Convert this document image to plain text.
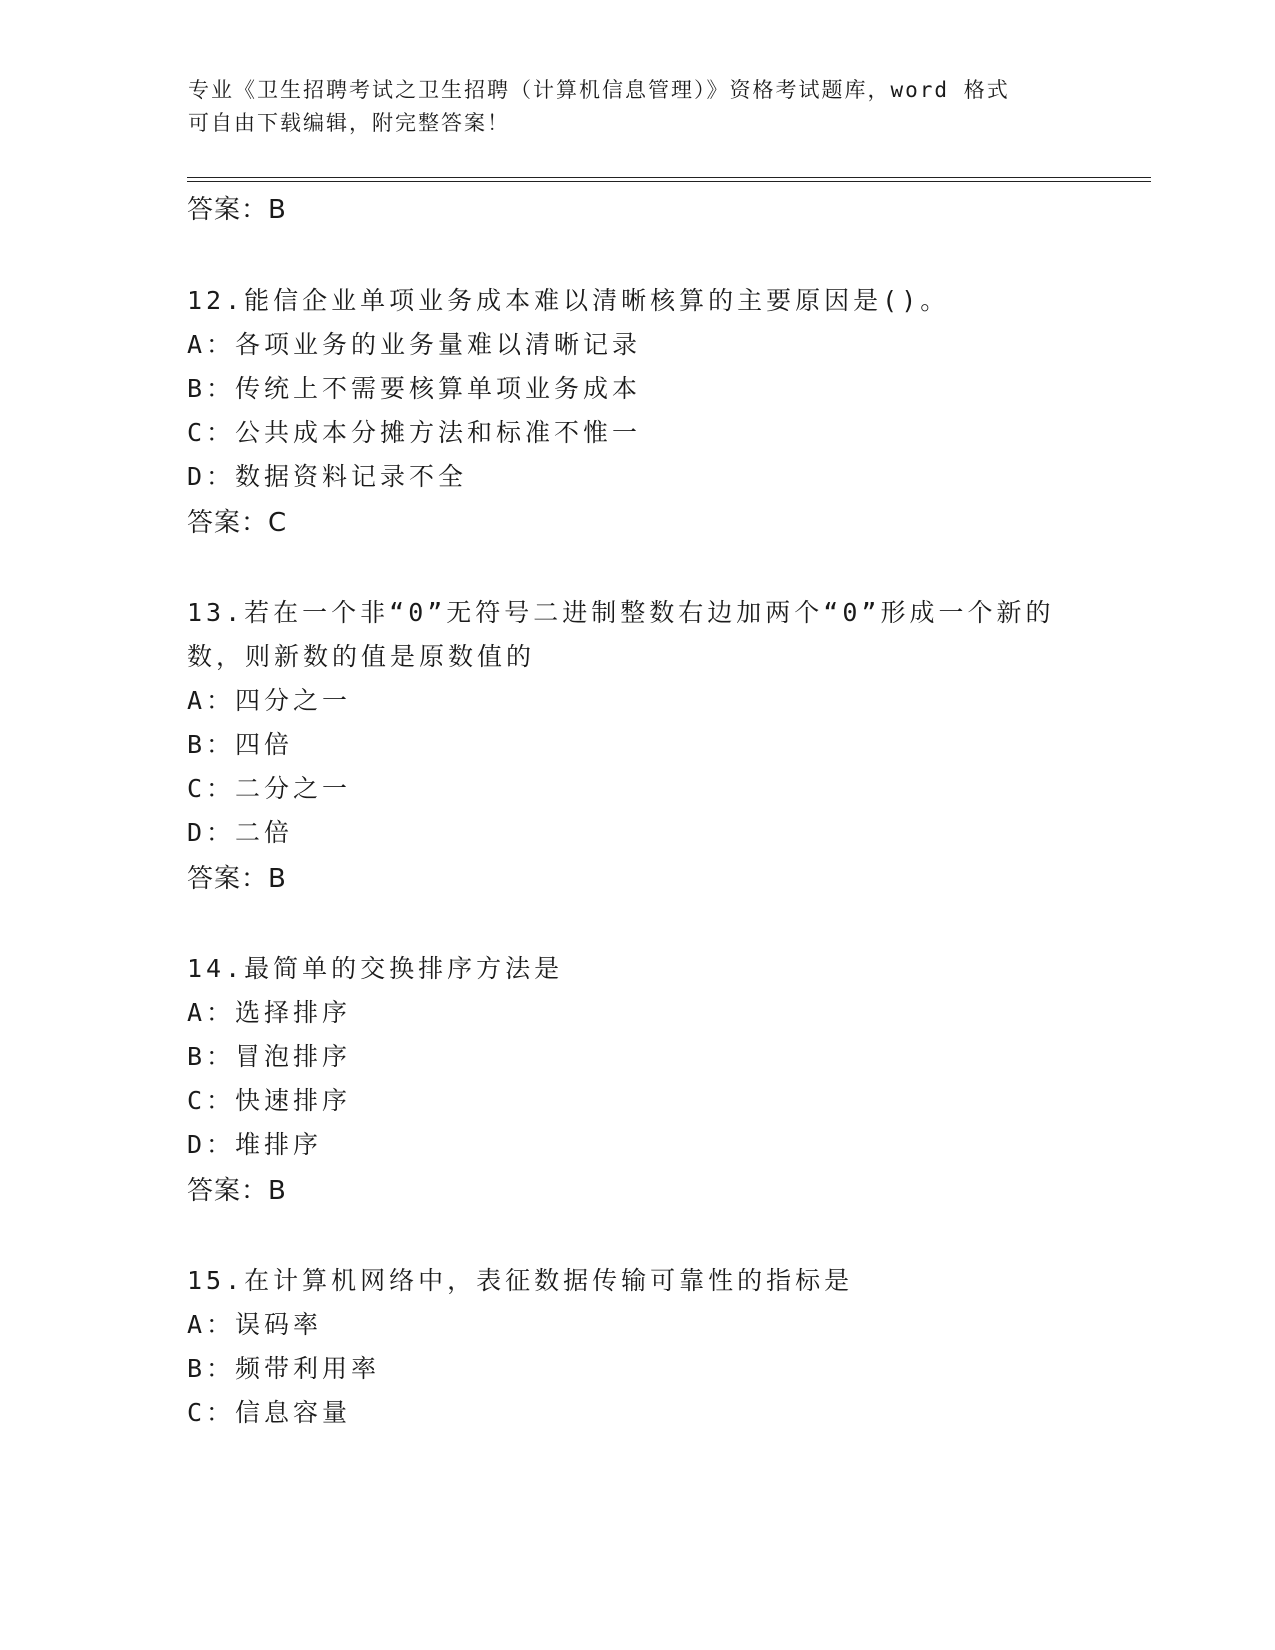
专业《卫生招聘考试之卫生招聘（计算机信息管理）》资格考试题库，word 格式
可自由下载编辑，附完整答案！
答案：B
12.能信企业单项业务成本难以清晰核算的主要原因是()。
A：各项业务的业务量难以清晰记录
B：传统上不需要核算单项业务成本
C：公共成本分摊方法和标准不惟一
D：数据资料记录不全
答案：C
13.若在一个非“0”无符号二进制整数右边加两个“0”形成一个新的
数，则新数的值是原数值的
A：四分之一
B：四倍
C：二分之一
D：二倍
答案：B
14.最简单的交换排序方法是
A：选择排序
B：冒泡排序
C：快速排序
D：堆排序
答案：B
15.在计算机网络中，表征数据传输可靠性的指标是
A：误码率
B：频带利用率
C：信息容量
